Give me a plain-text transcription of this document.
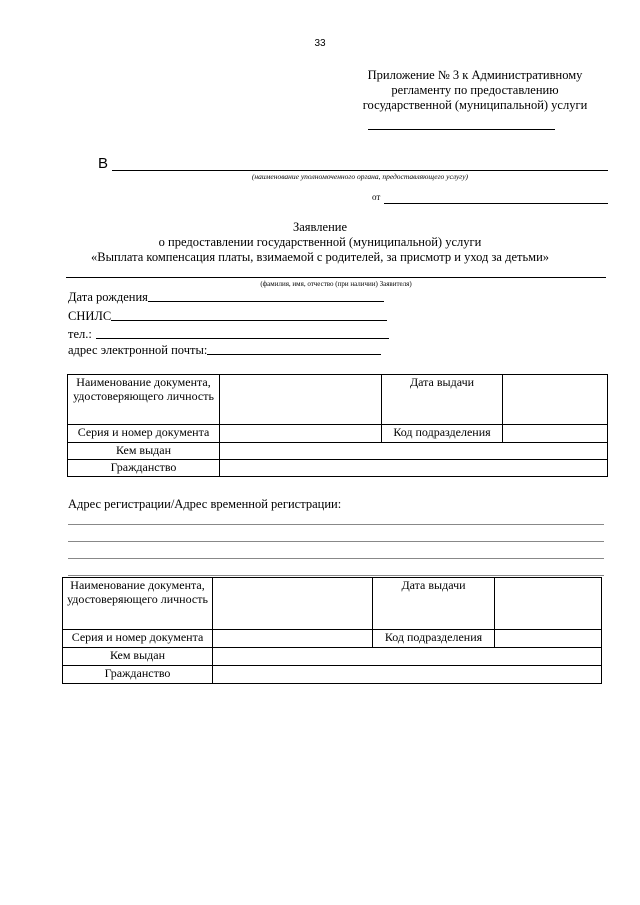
33
Приложение № 3 к Административному
регламенту по предоставлению
государственной (муниципальной) услуги
В
(наименование уполномоченного органа, предоставляющего услугу)
от
Заявление
о предоставлении государственной (муниципальной) услуги
«Выплата компенсация платы, взимаемой с родителей, за присмотр и уход за детьми»
(фамилия, имя, отчество (при наличии) Заявителя)
Дата рождения
СНИЛС
тел.:
адрес электронной почты:
Наименование документа, удостоверяющего личность		Дата выдачи	
Серия и номер документа		Код подразделения	
Кем выдан			
Гражданство			
Адрес регистрации/Адрес временной регистрации:
Наименование документа, удостоверяющего личность		Дата выдачи	
Серия и номер документа		Код подразделения	
Кем выдан			
Гражданство			
